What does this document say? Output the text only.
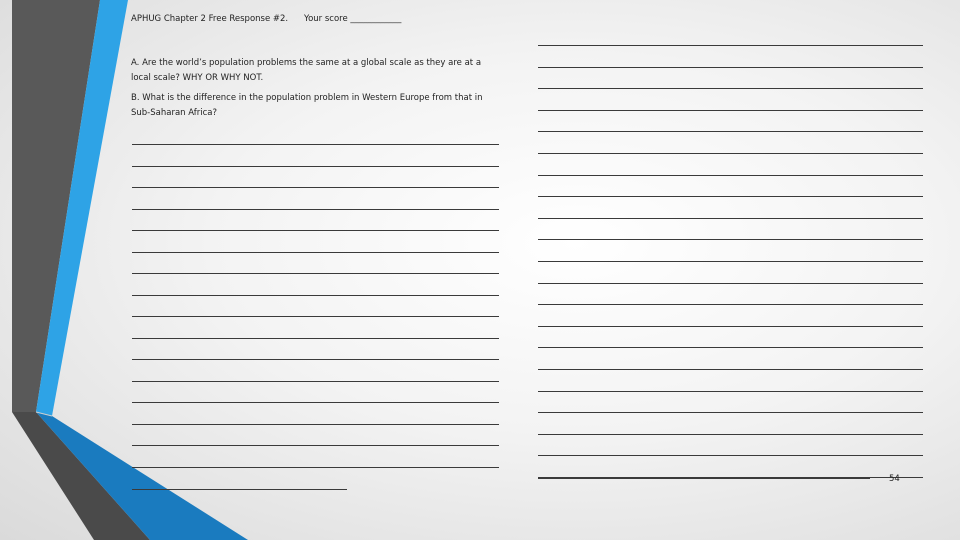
APHUG Chapter 2 Free Response #2. Your score ____________
A. Are the world’s population problems the same at a global scale as they are at a local scale? WHY OR WHY NOT.
B. What is the difference in the population problem in Western Europe from that in Sub-Saharan Africa?
54
